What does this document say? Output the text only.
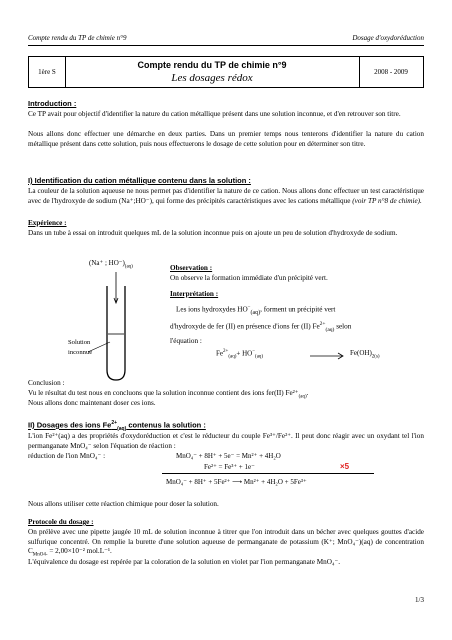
Compte rendu du TP de chimie n°9	Dosage d'oxydoréduction
1ère S
Compte rendu du TP de chimie n°9
Les dosages rédox	2008 - 2009
Introduction :
Ce TP avait pour objectif d'identifier la nature du cation métallique présent dans une solution inconnue, et d'en retrouver son titre.
Nous allons donc effectuer une démarche en deux parties. Dans un premier temps nous tenterons d'identifier la nature du cation métallique présent dans cette solution, puis nous effectuerons le dosage de cette solution pour en déterminer son titre.
I) Identification du cation métallique contenu dans la solution :
La couleur de la solution aqueuse ne nous permet pas d'identifier la nature de ce cation. Nous allons donc effectuer un test caractéristique avec de l'hydroxyde de sodium (Na⁺;HO⁻), qui forme des précipités caractéristiques avec les cations métallique (voir TP n°8 de chimie).
Expérience :
Dans un tube à essai on introduit quelques mL de la solution inconnue puis on ajoute un peu de solution d'hydroxyde de sodium.
(Na⁺ ; $HO^-)_{(aq)}$
Solution inconnue
Observation :
On observe la formation immédiate d'un précipité vert.
Interprétation :
Les ions hydroxydes $HO^-_{(aq)}$, forment un précipité vert
d'hydroxyde de fer (II) en présence d'ions fer (II) $Fe^{2+}_{(aq)}$ selon
l'équation :
$Fe^{2+}_{(aq)}+ HO^-_{(aq)}$	→ $Fe(OH)_{2(s)}$
Conclusion :
Vu le résultat du test nous en concluons que la solution inconnue contient des ions fer(II) $Fe^{2+}_{(aq)}$.
Nous allons donc maintenant doser ces ions.
II) Dosages des ions $Fe^{2+}_{(aq)}$ contenus la solution :
L'ion Fe²⁺(aq) a des propriétés d'oxydoréduction et c'est le réducteur du couple Fe³⁺/Fe²⁺. Il peut donc réagir avec un oxydant tel l'ion permanganate MnO₄⁻ selon l'équation de réaction :
réduction de l'ion MnO₄⁻ :	MnO₄⁻ + 8H⁺ + 5e⁻ = Mn²⁺ + 4H₂O
Fe²⁺ = Fe³⁺ + 1e⁻	×5
MnO₄⁻ + 8H⁺ + 5Fe²⁺ ⟶ Mn²⁺ + 4H₂O + 5Fe³⁺
Nous allons utiliser cette réaction chimique pour doser la solution.
Protocole du dosage :
On prélève avec une pipette jaugée 10 mL de solution inconnue à titrer que l'on introduit dans un bécher avec quelques gouttes d'acide sulfurique concentré. On remplie la burette d'une solution aqueuse de permanganate de potassium (K⁺; MnO₄⁻)(aq) de concentration $C_{MnO4-} = 2,00\times 10^{-2}$ mol.L⁻¹.
L'équivalence du dosage est repérée par la coloration de la solution en violet par l'ion permanganate MnO₄⁻.
1/3
